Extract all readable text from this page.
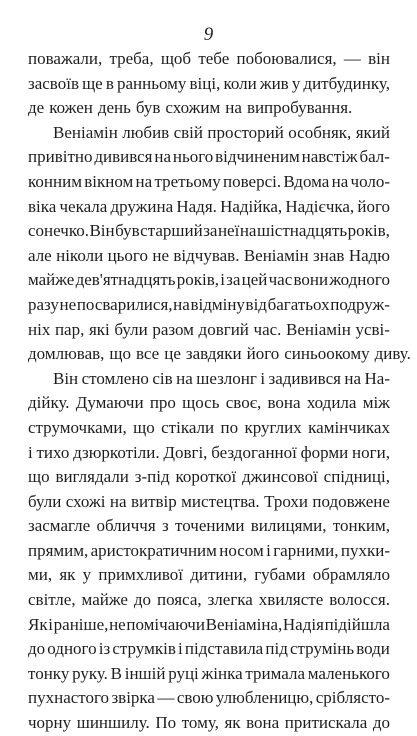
9
поважали, треба, щоб тебе побоювалися, — він
засвоїв ще в ранньому віці, коли жив у дитбудинку,
де кожен день був схожим на випробування.
Веніамін любив свій просторий особняк, який
привітно дивився на нього відчиненим навстіж бал-
конним вікном на третьому поверсі. Вдома на чоло-
віка чекала дружина Надя. Надійка, Надієчка, його
сонечко. Він був старший за неї на шістнадцять років,
але ніколи цього не відчував. Веніамін знав Надю
майже дев'ятнадцять років, і за цей час вони жодного
разу не посварилися, на відміну від багатьох подруж-
ніх пар, які були разом довгий час. Веніамін усві-
домлював, що все це завдяки його синьоокому диву.
Він стомлено сів на шезлонг і задивився на На-
дійку. Думаючи про щось своє, вона ходила між
струмочками, що стікали по круглих камінчиках
і тихо дзюркотіли. Довгі, бездоганної форми ноги,
що виглядали з-під короткої джинсової спідниці,
були схожі на витвір мистецтва. Трохи подовжене
засмагле обличчя з точеними вилицями, тонким,
прямим, аристократичним носом і гарними, пухки-
ми, як у примхливої дитини, губами обрамляло
світле, майже до пояса, злегка хвилясте волосся.
Як і раніше, не помічаючи Веніаміна, Надія підійшла
до одного із струмків і підставила під струмінь води
тонку руку. В іншій руці жінка тримала маленького
пухнастого звірка — свою улюбленицю, сріблясто-
чорну шиншилу. По тому, як вона притискала до
